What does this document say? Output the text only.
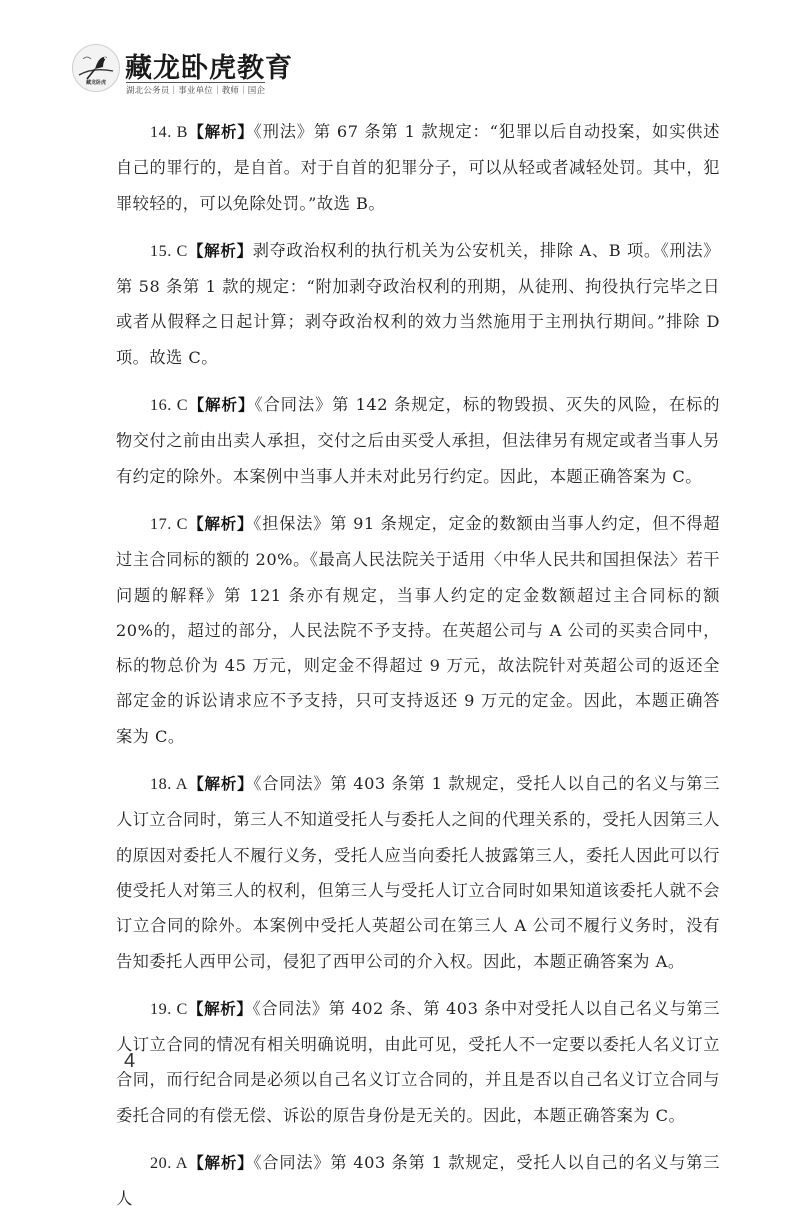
藏龙卧虎 藏龙卧虎教育
湖北公务员｜事业单位｜教师｜国企

14. B【解析】《刑法》第 67 条第 1 款规定：“犯罪以后自动投案，如实供述自己的罪行的，是自首。对于自首的犯罪分子，可以从轻或者减轻处罚。其中，犯罪较轻的，可以免除处罚。”故选 B。

15. C【解析】剥夺政治权利的执行机关为公安机关，排除 A、B 项。《刑法》第 58 条第 1 款的规定：“附加剥夺政治权利的刑期，从徒刑、拘役执行完毕之日或者从假释之日起计算；剥夺政治权利的效力当然施用于主刑执行期间。”排除 D 项。故选 C。

16. C【解析】《合同法》第 142 条规定，标的物毁损、灭失的风险，在标的物交付之前由出卖人承担，交付之后由买受人承担，但法律另有规定或者当事人另有约定的除外。本案例中当事人并未对此另行约定。因此，本题正确答案为 C。

17. C【解析】《担保法》第 91 条规定，定金的数额由当事人约定，但不得超过主合同标的额的 20%。《最高人民法院关于适用〈中华人民共和国担保法〉若干问题的解释》第 121 条亦有规定，当事人约定的定金数额超过主合同标的额 20%的，超过的部分，人民法院不予支持。在英超公司与 A 公司的买卖合同中，标的物总价为 45 万元，则定金不得超过 9 万元，故法院针对英超公司的返还全部定金的诉讼请求应不予支持，只可支持返还 9 万元的定金。因此，本题正确答案为 C。

18. A【解析】《合同法》第 403 条第 1 款规定，受托人以自己的名义与第三人订立合同时，第三人不知道受托人与委托人之间的代理关系的，受托人因第三人的原因对委托人不履行义务，受托人应当向委托人披露第三人，委托人因此可以行使受托人对第三人的权利，但第三人与受托人订立合同时如果知道该委托人就不会订立合同的除外。本案例中受托人英超公司在第三人 A 公司不履行义务时，没有告知委托人西甲公司，侵犯了西甲公司的介入权。因此，本题正确答案为 A。

19. C【解析】《合同法》第 402 条、第 403 条中对受托人以自己名义与第三人订立合同的情况有相关明确说明，由此可见，受托人不一定要以委托人名义订立合同，而行纪合同是必须以自己名义订立合同的，并且是否以自己名义订立合同与委托合同的有偿无偿、诉讼的原告身份是无关的。因此，本题正确答案为 C。

20. A【解析】《合同法》第 403 条第 1 款规定，受托人以自己的名义与第三人

4
